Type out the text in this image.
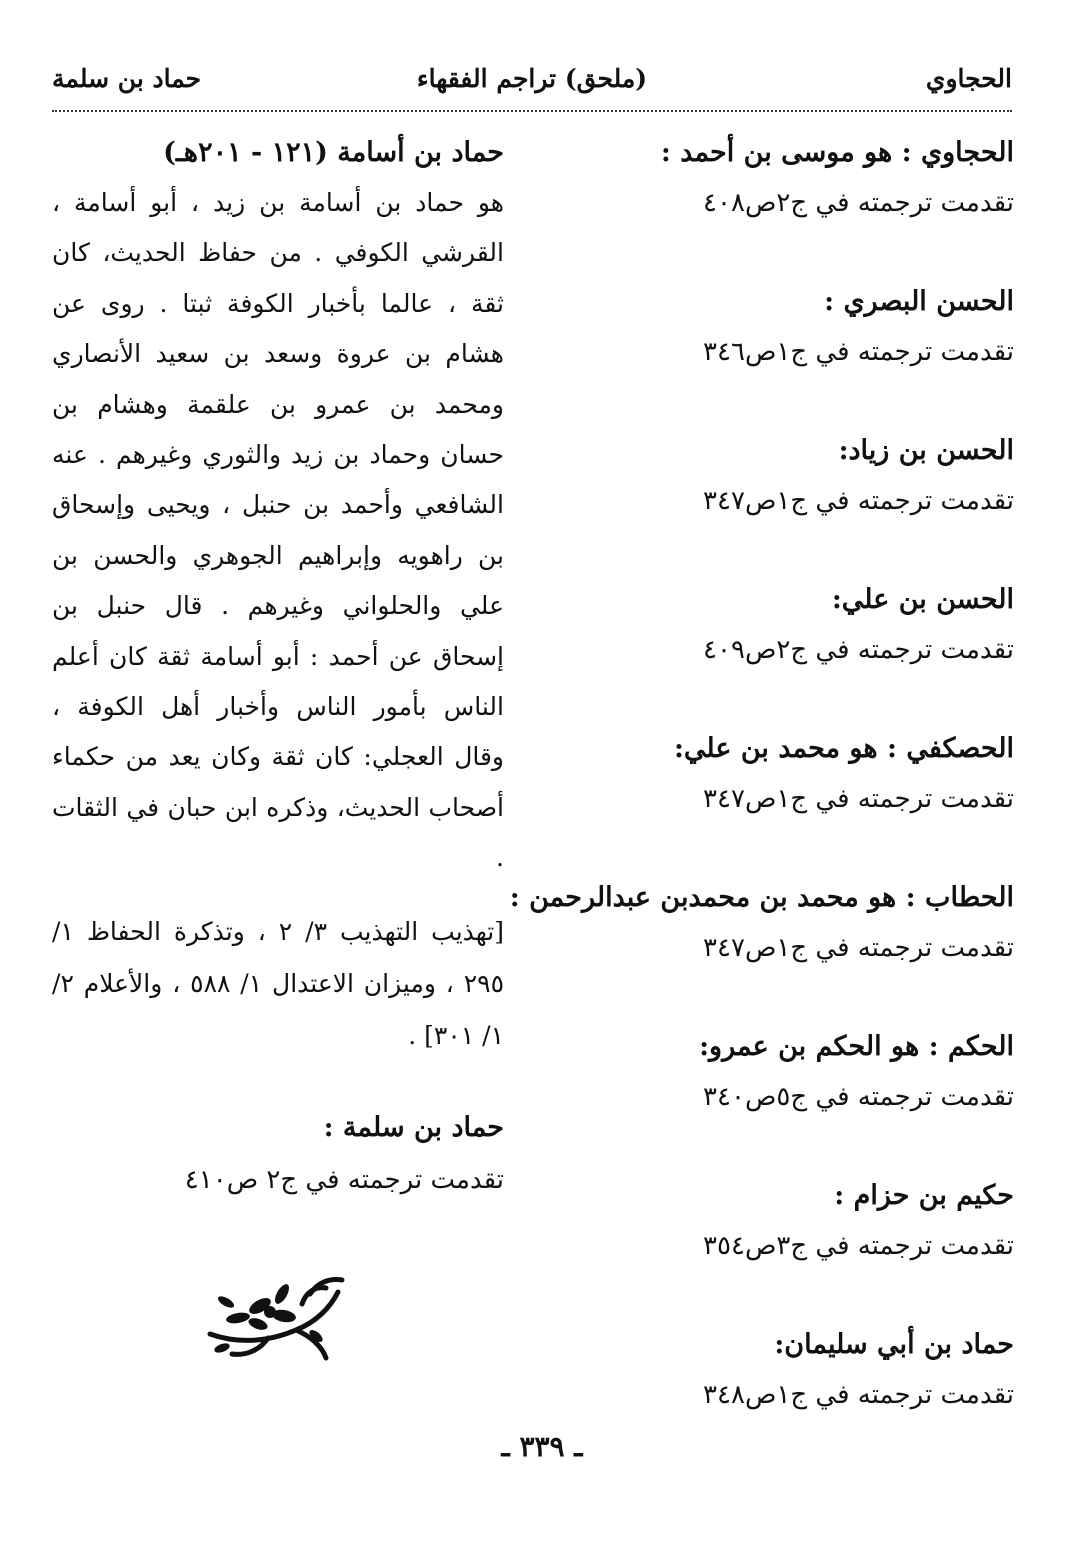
الحجاوي
(ملحق) تراجم الفقهاء
حماد بن سلمة
الحجاوي : هو موسى بن أحمد :
تقدمت ترجمته في ج٢ص٤٠٨
الحسن البصري :
تقدمت ترجمته في ج١ص٣٤٦
الحسن بن زياد:
تقدمت ترجمته في ج١ص٣٤٧
الحسن بن علي:
تقدمت ترجمته في ج٢ص٤٠٩
الحصكفي : هو محمد بن علي:
تقدمت ترجمته في ج١ص٣٤٧
الحطاب : هو محمد بن محمدبن عبدالرحمن :
تقدمت ترجمته في ج١ص٣٤٧
الحكم : هو الحكم بن عمرو:
تقدمت ترجمته في ج٥ص٣٤٠
حكيم بن حزام :
تقدمت ترجمته في ج٣ص٣٥٤
حماد بن أبي سليمان:
تقدمت ترجمته في ج١ص٣٤٨
حماد بن أسامة (١٢١ - ٢٠١هـ)

هو حماد بن أسامة بن زيد ، أبو أسامة ، القرشي الكوفي . من حفاظ الحديث، كان ثقة ، عالما بأخبار الكوفة ثبتا . روى عن هشام بن عروة وسعد بن سعيد الأنصاري ومحمد بن عمرو بن علقمة وهشام بن حسان وحماد بن زيد والثوري وغيرهم . عنه الشافعي وأحمد بن حنبل ، ويحيى وإسحاق بن راهويه وإبراهيم الجوهري والحسن بن علي والحلواني وغيرهم . قال حنبل بن إسحاق عن أحمد : أبو أسامة ثقة كان أعلم الناس بأمور الناس وأخبار أهل الكوفة ، وقال العجلي: كان ثقة وكان يعد من حكماء أصحاب الحديث، وذكره ابن حبان في الثقات .

[تهذيب التهذيب ٣/ ٢ ، وتذكرة الحفاظ ١/ ٢٩٥ ، وميزان الاعتدال ١/ ٥٨٨ ، والأعلام ٢/ ١/ ٣٠١] .

حماد بن سلمة :
تقدمت ترجمته في ج٢ ص٤١٠
ـ ٣٣٩ ـ
